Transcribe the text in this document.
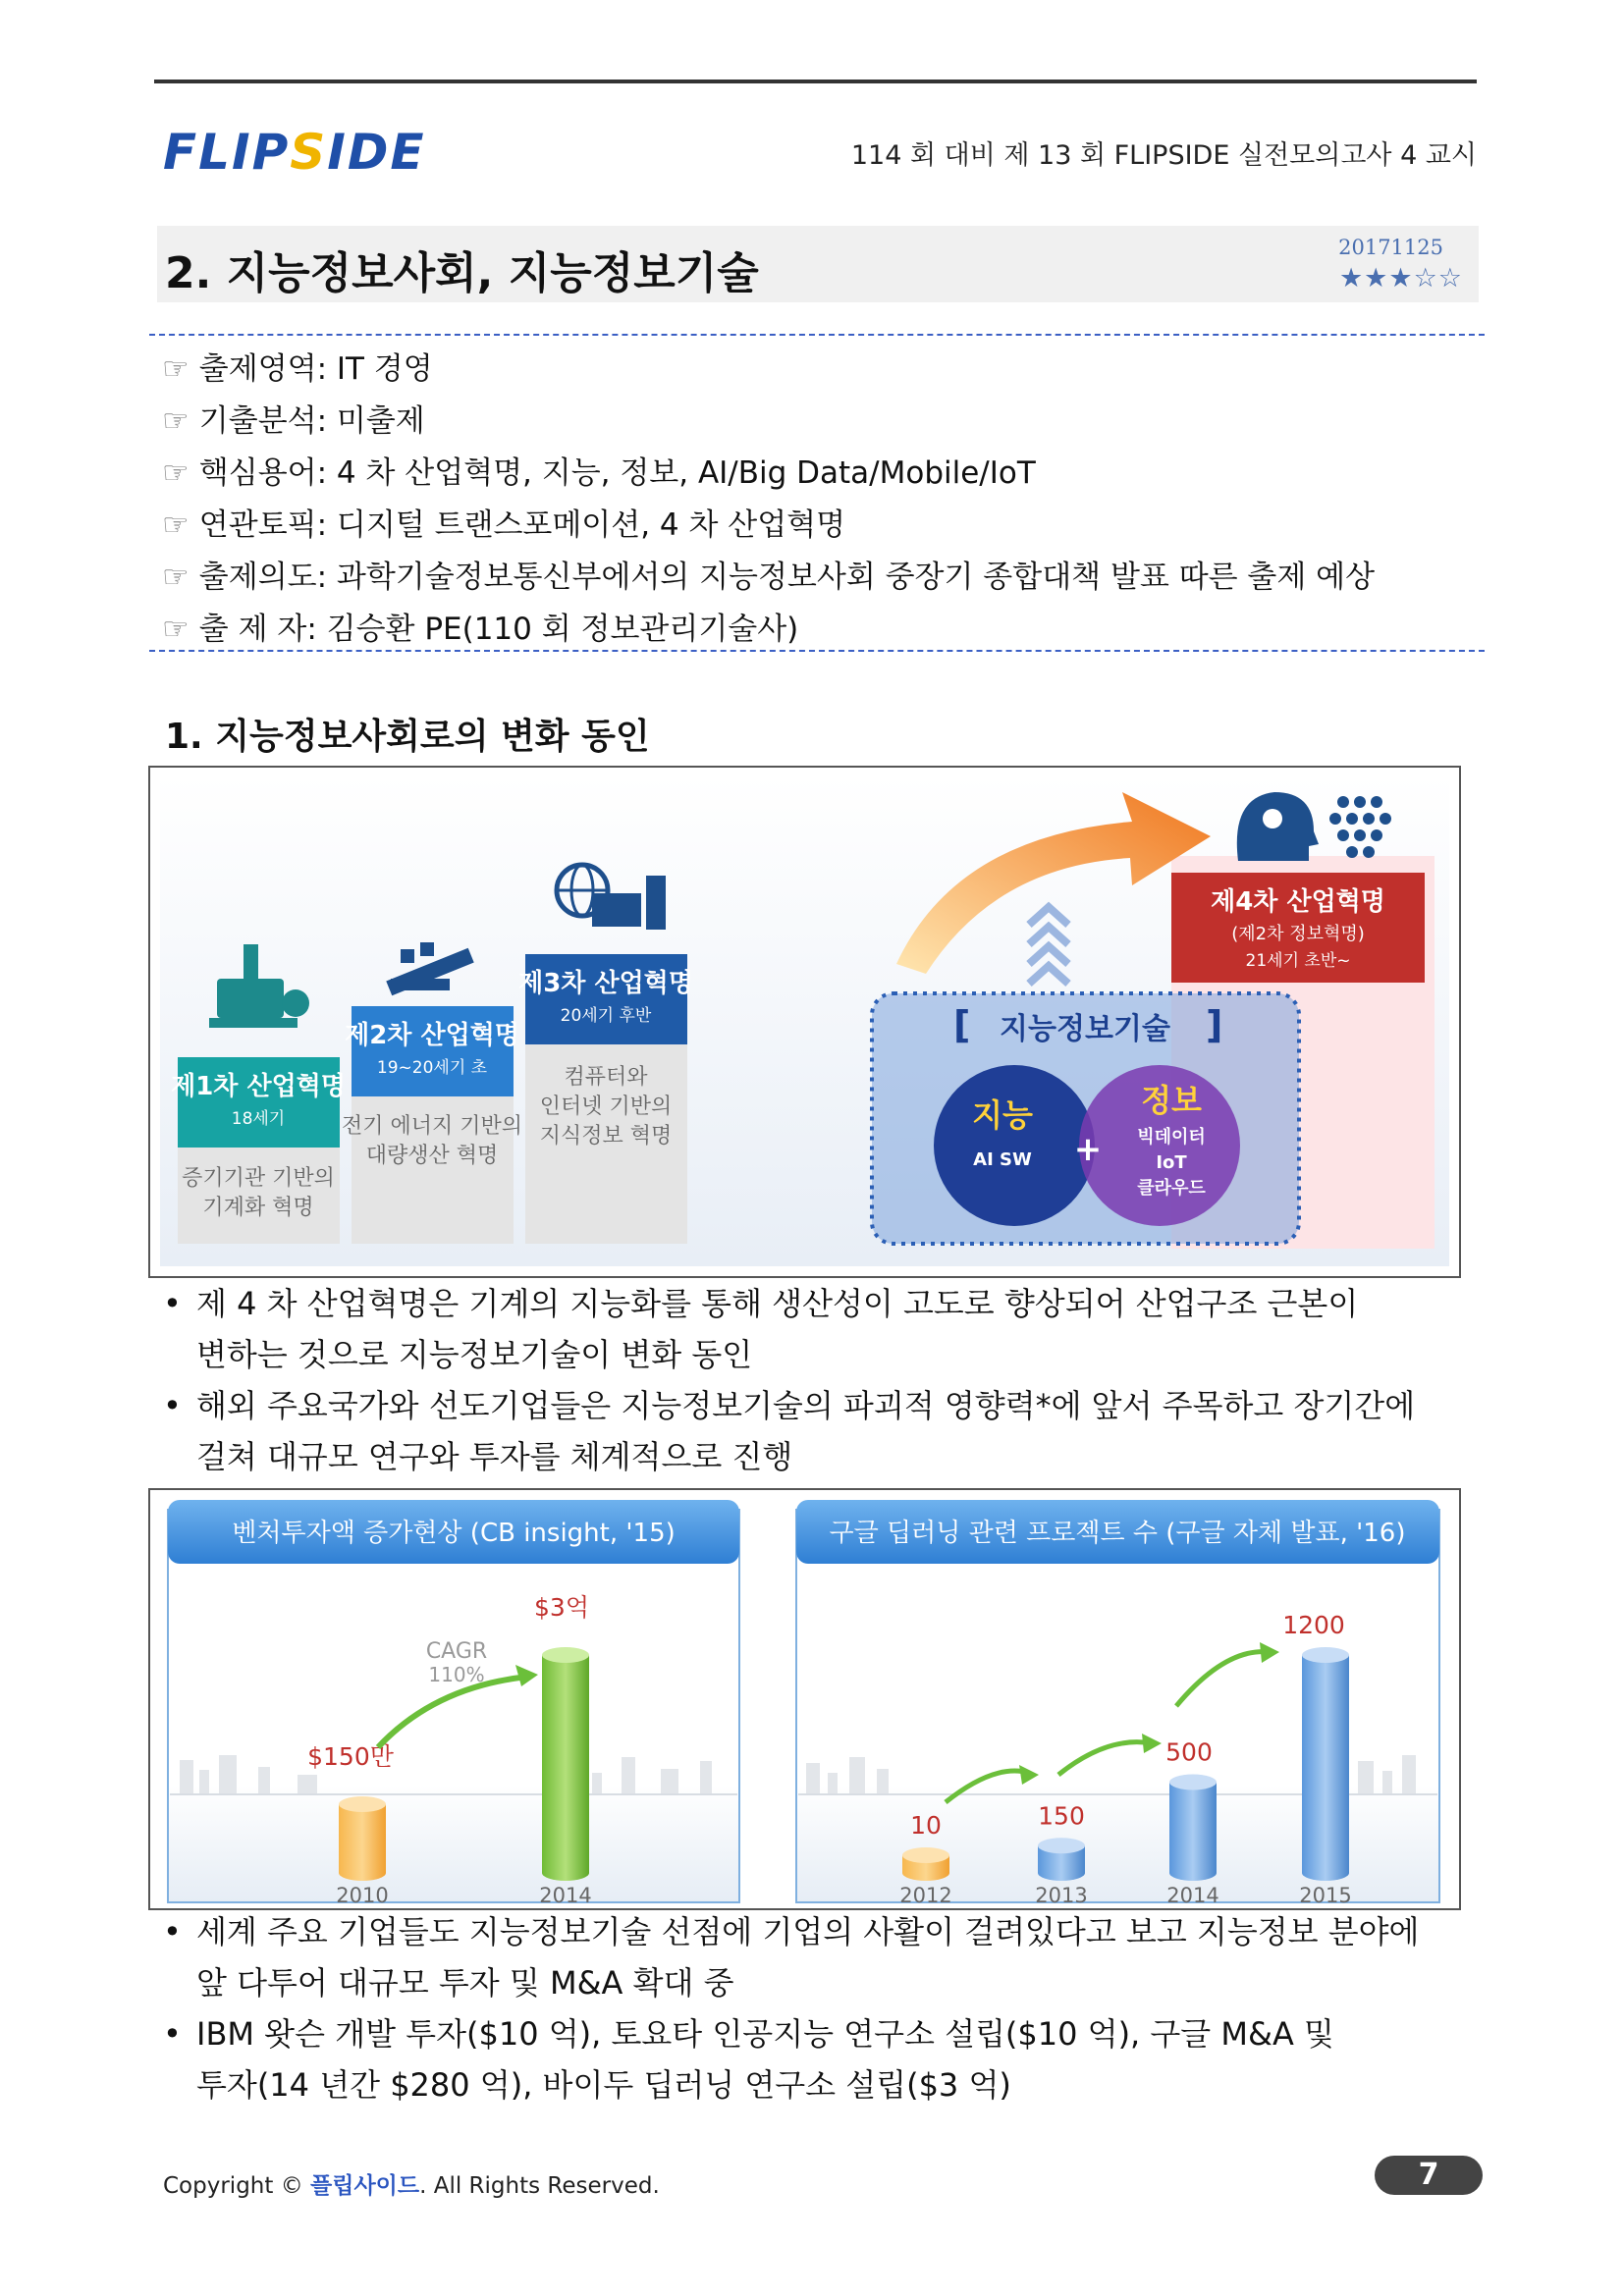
FLIPSIDE	114 회 대비 제 13 회 FLIPSIDE 실전모의고사 4 교시
2. 지능정보사회, 지능정보기술
20171125
★★★☆☆
☞ 출제영역: IT 경영
☞ 기출분석: 미출제
☞ 핵심용어: 4 차 산업혁명, 지능, 정보, AI/Big Data/Mobile/IoT
☞ 연관토픽: 디지털 트랜스포메이션, 4 차 산업혁명
☞ 출제의도: 과학기술정보통신부에서의 지능정보사회 중장기 종합대책 발표 따른 출제 예상
☞ 출 제 자: 김승환 PE(110 회 정보관리기술사)
1. 지능정보사회로의 변화 동인
제1차 산업혁명
18세기
증기기관 기반의
기계화 혁명
제2차 산업혁명
19~20세기 초
전기 에너지 기반의
대량생산 혁명
제3차 산업혁명
20세기 후반
컴퓨터와
인터넷 기반의
지식정보 혁명
[ 지능정보기술 ]
지능
AI SW +
정보
빅데이터
IoT
클라우드
제4차 산업혁명
(제2차 정보혁명)
21세기 초반~
• 제 4 차 산업혁명은 기계의 지능화를 통해 생산성이 고도로 향상되어 산업구조 근본이
변하는 것으로 지능정보기술이 변화 동인
• 해외 주요국가와 선도기업들은 지능정보기술의 파괴적 영향력*에 앞서 주목하고 장기간에
걸쳐 대규모 연구와 투자를 체계적으로 진행
벤처투자액 증가현상 (CB insight, '15)
2010
$150만
2014
$3억
CAGR
110%
구글 딥러닝 관련 프로젝트 수 (구글 자체 발표, '16)
2012
10
2013
150
2014
500
2015
1200
• 세계 주요 기업들도 지능정보기술 선점에 기업의 사활이 걸려있다고 보고 지능정보 분야에
앞 다투어 대규모 투자 및 M&A 확대 중
• IBM 왓슨 개발 투자($10 억), 토요타 인공지능 연구소 설립($10 억), 구글 M&A 및
투자(14 년간 $280 억), 바이두 딥러닝 연구소 설립($3 억)
Copyright © 플립사이드. All Rights Reserved.	7
